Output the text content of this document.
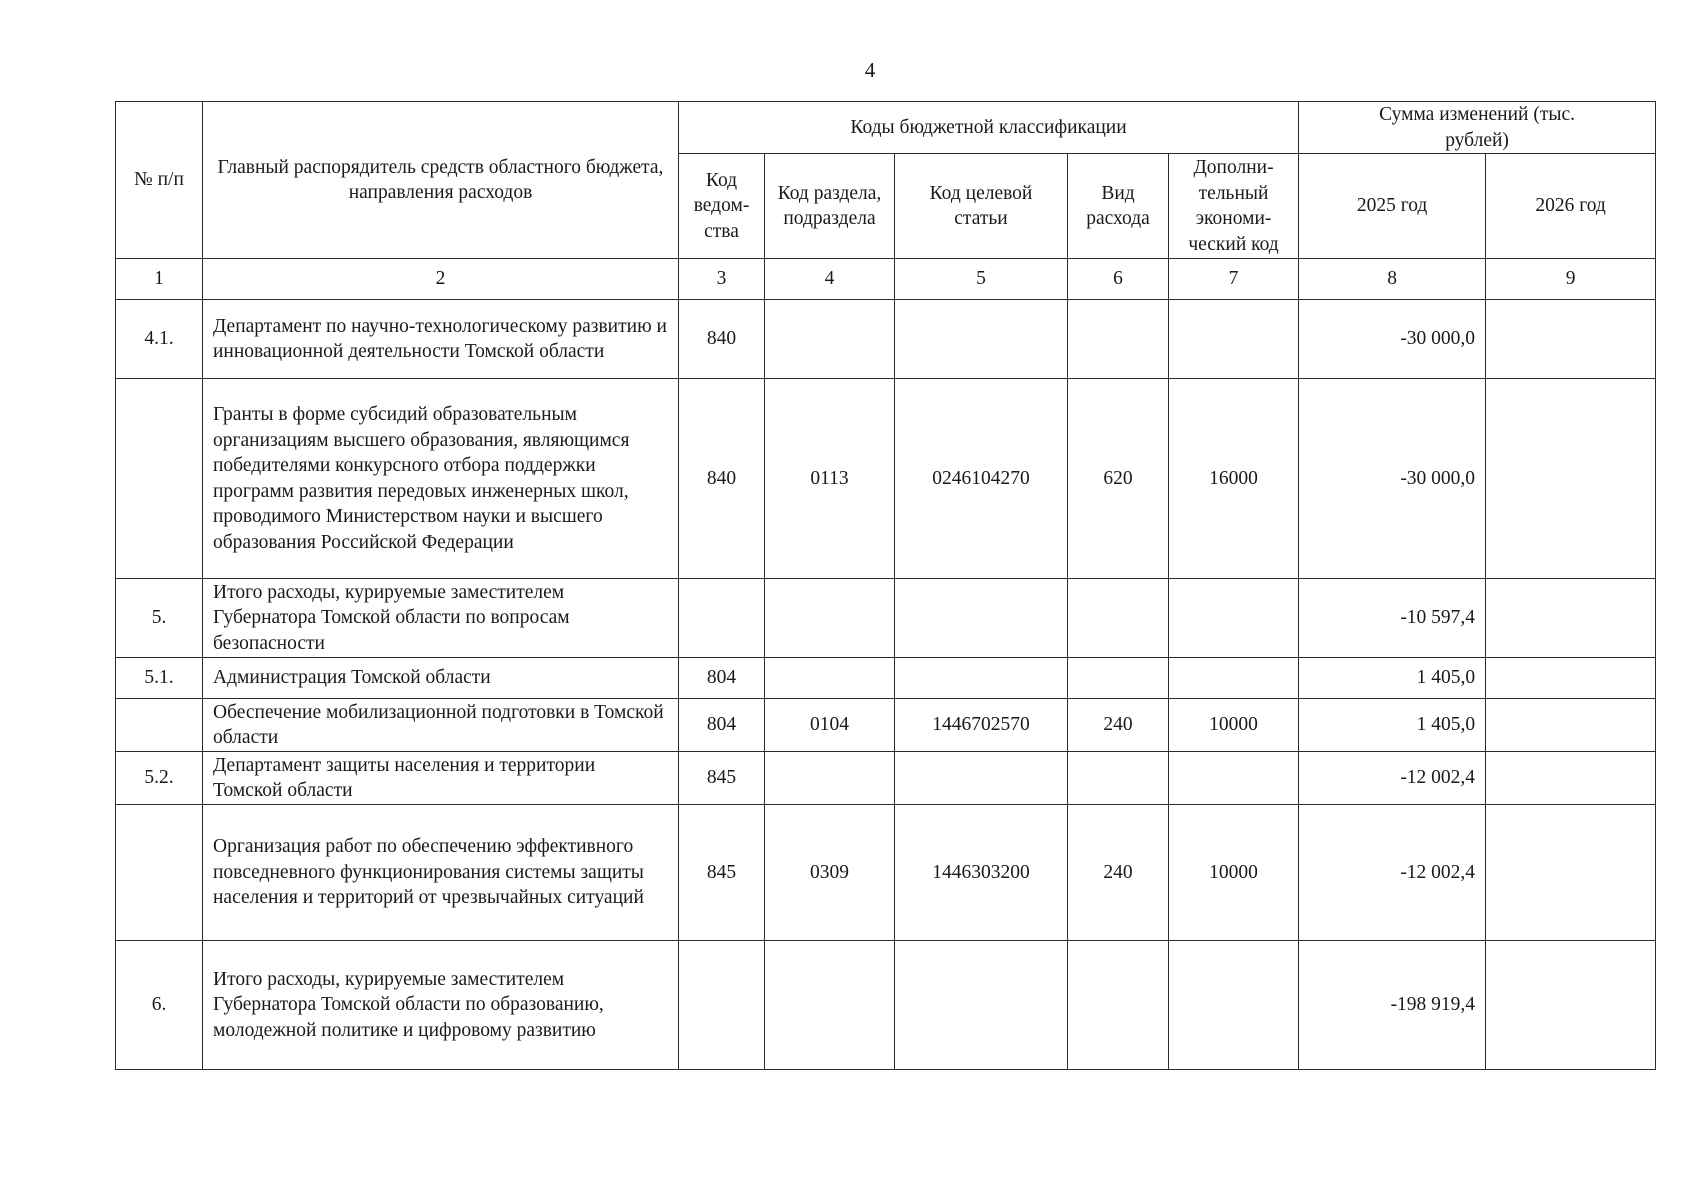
4
№ п/п	Главный распорядитель средств областного бюджета, направления расходов	Коды бюджетной классификации					Сумма изменений (тыс. рублей)	
		Код ведом-ства	Код раздела, подраздела	Код целевой статьи	Вид расхода	Дополни-тельный экономи-ческий код	2025 год	2026 год
1	2	3	4	5	6	7	8	9
4.1.	Департамент по научно-технологическому развитию и инновационной деятельности Томской области	840					-30 000,0	
	Гранты в форме субсидий образовательным организациям высшего образования, являющимся победителями конкурсного отбора поддержки программ развития передовых инженерных школ, проводимого Министерством науки и высшего образования Российской Федерации	840	0113	0246104270	620	16000	-30 000,0	
5.	Итого расходы, курируемые заместителем Губернатора Томской области по вопросам безопасности						-10 597,4	
5.1.	Администрация Томской области	804					1 405,0	
	Обеспечение мобилизационной подготовки в Томской области	804	0104	1446702570	240	10000	1 405,0	
5.2.	Департамент защиты населения и территории Томской области	845					-12 002,4	
	Организация работ по обеспечению эффективного повседневного функционирования системы защиты населения и территорий от чрезвычайных ситуаций	845	0309	1446303200	240	10000	-12 002,4	
6.	Итого расходы, курируемые заместителем Губернатора Томской области по образованию, молодежной политике и цифровому развитию						-198 919,4	
